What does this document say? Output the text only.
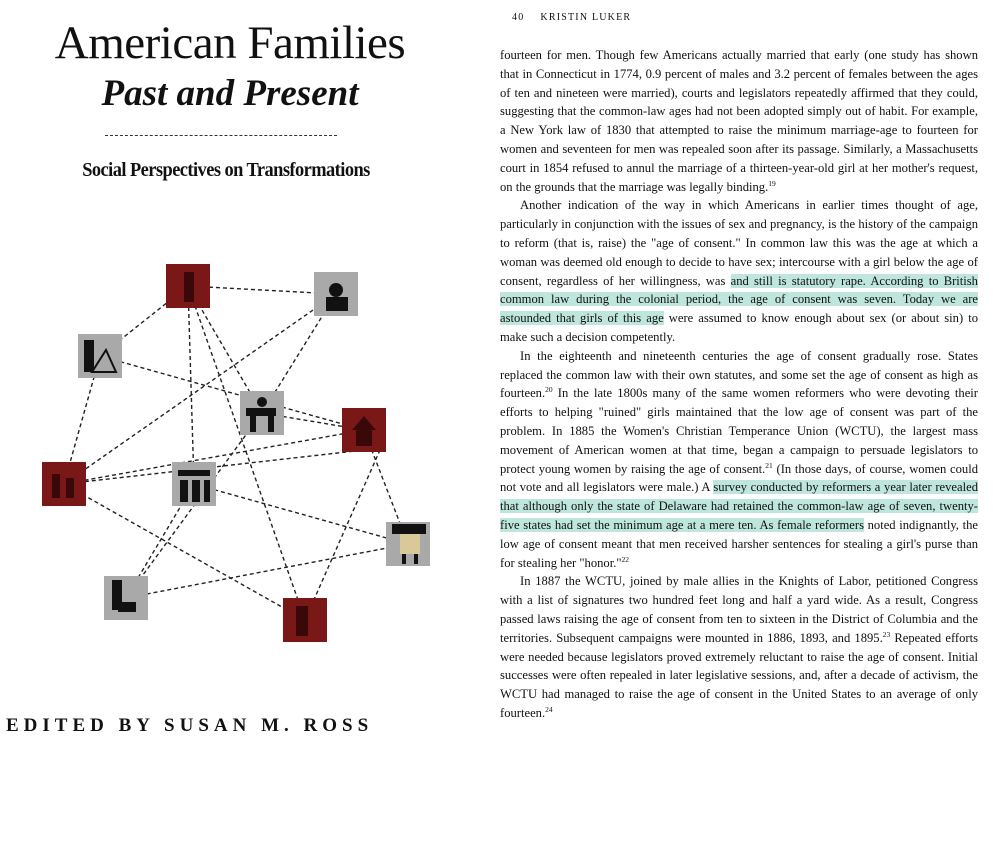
American Families
Past and Present
Social Perspectives on Transformations
EDITED BY SUSAN M. ROSS
40 KRISTIN LUKER

fourteen for men. Though few Americans actually married that early (one study has shown that in Connecticut in 1774, 0.9 percent of males and 3.2 percent of females between the ages of ten and nineteen were married), courts and legislators repeatedly affirmed that they could, suggesting that the common-law ages had not been adopted simply out of habit. For example, a New York law of 1830 that attempted to raise the minimum marriage-age to fourteen for women and seventeen for men was repealed soon after its passage. Similarly, a Massachusetts court in 1854 refused to annul the marriage of a thirteen-year-old girl at her mother's request, on the grounds that the marriage was legally binding.$^{19}$

Another indication of the way in which Americans in earlier times thought of age, particularly in conjunction with the issues of sex and pregnancy, is the history of the campaign to reform (that is, raise) the "age of consent." In common law this was the age at which a woman was deemed old enough to decide to have sex; intercourse with a girl below the age of consent, regardless of her willingness, was and still is statutory rape. According to British common law during the colonial period, the age of consent was seven. Today we are astounded that girls of this age were assumed to know enough about sex (or about sin) to make such a decision competently.

In the eighteenth and nineteenth centuries the age of consent gradually rose. States replaced the common law with their own statutes, and some set the age of consent as high as fourteen.$^{20}$ In the late 1800s many of the same women reformers who were devoting their efforts to helping "ruined" girls maintained that the low age of consent was part of the problem. In 1885 the Women's Christian Temperance Union (WCTU), the largest mass movement of American women at that time, began a campaign to persuade legislators to protect young women by raising the age of consent.$^{21}$ (In those days, of course, women could not vote and all legislators were male.) A survey conducted by reformers a year later revealed that although only the state of Delaware had retained the common-law age of seven, twenty-five states had set the minimum age at a mere ten. As female reformers noted indignantly, the low age of consent meant that men received harsher sentences for stealing a girl's purse than for stealing her "honor."$^{22}$

In 1887 the WCTU, joined by male allies in the Knights of Labor, petitioned Congress with a list of signatures two hundred feet long and half a yard wide. As a result, Congress passed laws raising the age of consent from ten to sixteen in the District of Columbia and the territories. Subsequent campaigns were mounted in 1886, 1893, and 1895.23 Repeated efforts were needed because legislators proved extremely reluctant to raise the age of consent. Initial successes were often repealed in later legislative sessions, and, after a decade of activism, the WCTU had managed to raise the age of consent in the United States to an average of only fourteen.$^{24}$
